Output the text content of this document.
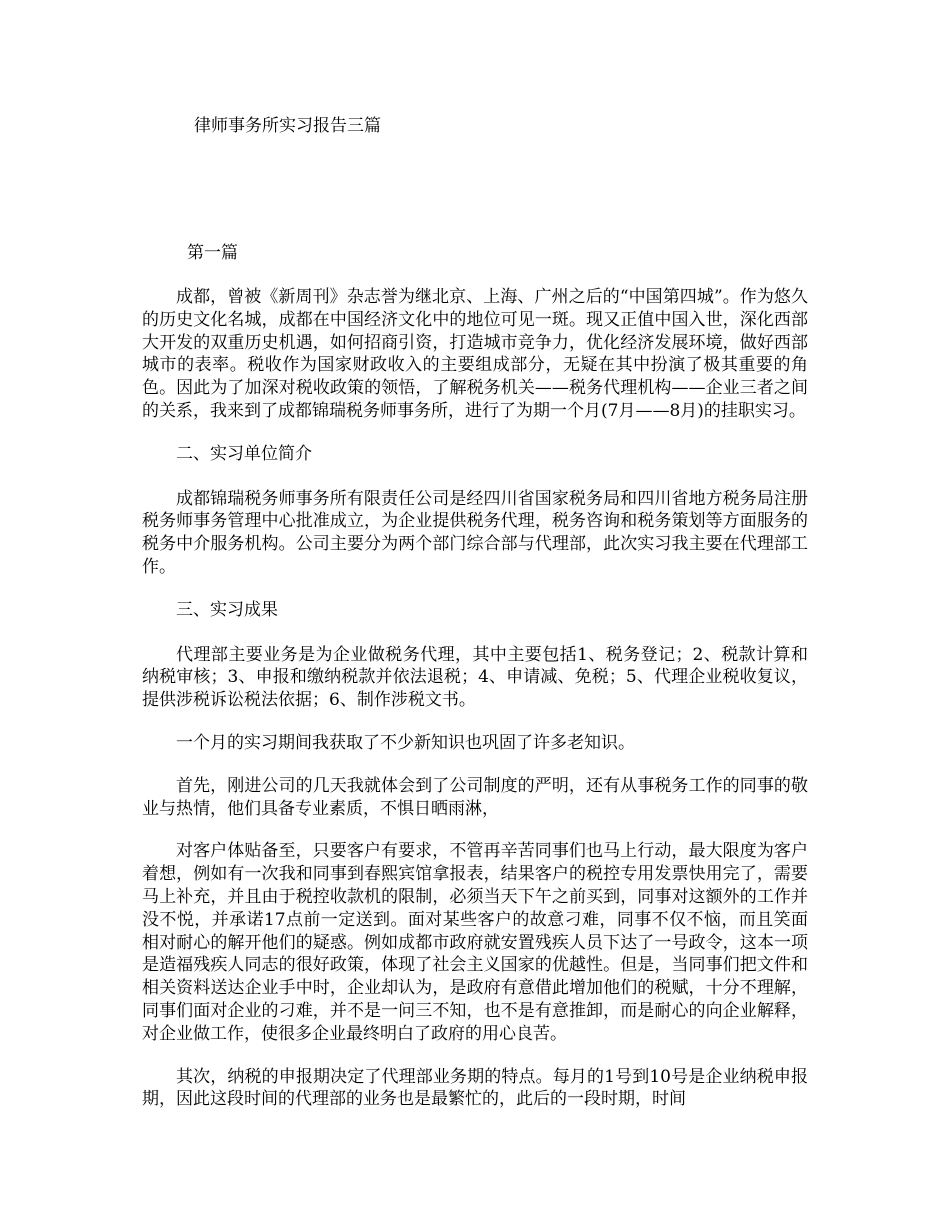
律师事务所实习报告三篇

第一篇

成都，曾被《新周刊》杂志誉为继北京、上海、广州之后的“中国第四城”。作为悠久的历史文化名城，成都在中国经济文化中的地位可见一斑。现又正值中国入世，深化西部大开发的双重历史机遇，如何招商引资，打造城市竞争力，优化经济发展环境，做好西部城市的表率。税收作为国家财政收入的主要组成部分，无疑在其中扮演了极其重要的角色。因此为了加深对税收政策的领悟，了解税务机关——税务代理机构——企业三者之间的关系，我来到了成都锦瑞税务师事务所，进行了为期一个月(7月——8月)的挂职实习。

二、实习单位简介

成都锦瑞税务师事务所有限责任公司是经四川省国家税务局和四川省地方税务局注册税务师事务管理中心批准成立，为企业提供税务代理，税务咨询和税务策划等方面服务的税务中介服务机构。公司主要分为两个部门综合部与代理部，此次实习我主要在代理部工作。

三、实习成果

代理部主要业务是为企业做税务代理，其中主要包括1、税务登记；2、税款计算和纳税审核；3、申报和缴纳税款并依法退税；4、申请减、免税；5、代理企业税收复议，提供涉税诉讼税法依据；6、制作涉税文书。

一个月的实习期间我获取了不少新知识也巩固了许多老知识。

首先，刚进公司的几天我就体会到了公司制度的严明，还有从事税务工作的同事的敬业与热情，他们具备专业素质，不惧日晒雨淋，

对客户体贴备至，只要客户有要求，不管再辛苦同事们也马上行动，最大限度为客户着想，例如有一次我和同事到春熙宾馆拿报表，结果客户的税控专用发票快用完了，需要马上补充，并且由于税控收款机的限制，必须当天下午之前买到，同事对这额外的工作并没不悦，并承诺17点前一定送到。面对某些客户的故意刁难，同事不仅不恼，而且笑面相对耐心的解开他们的疑惑。例如成都市政府就安置残疾人员下达了一号政令，这本一项是造福残疾人同志的很好政策，体现了社会主义国家的优越性。但是，当同事们把文件和相关资料送达企业手中时，企业却认为，是政府有意借此增加他们的税赋，十分不理解，同事们面对企业的刁难，并不是一问三不知，也不是有意推卸，而是耐心的向企业解释，对企业做工作，使很多企业最终明白了政府的用心良苦。

其次，纳税的申报期决定了代理部业务期的特点。每月的1号到10号是企业纳税申报期，因此这段时间的代理部的业务也是最繁忙的，此后的一段时期，时间
